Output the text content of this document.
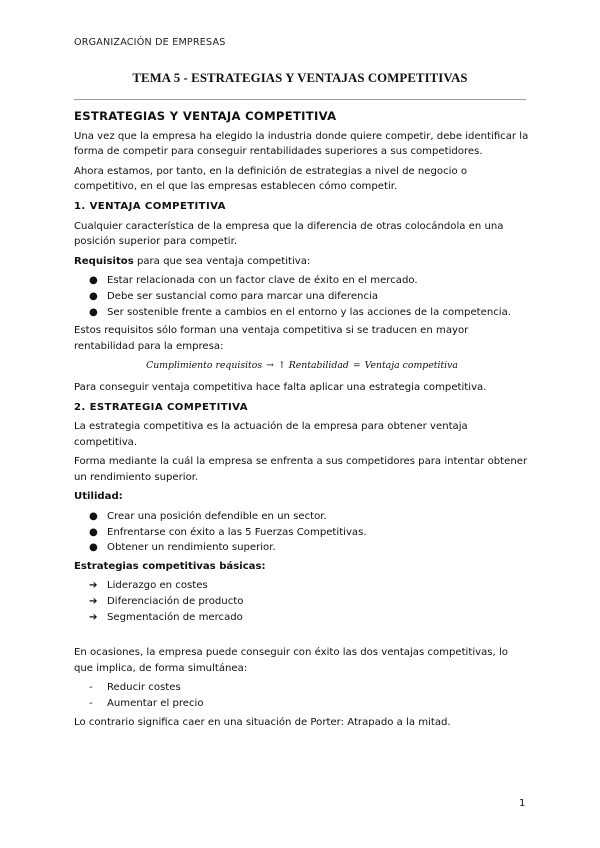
ORGANIZACIÓN DE EMPRESAS
TEMA 5 - ESTRATEGIAS Y VENTAJAS COMPETITIVAS

ESTRATEGIAS Y VENTAJA COMPETITIVA

Una vez que la empresa ha elegido la industria donde quiere competir, debe identificar la forma de competir para conseguir rentabilidades superiores a sus competidores.

Ahora estamos, por tanto, en la definición de estrategias a nivel de negocio o competitivo, en el que las empresas establecen cómo competir.

1. VENTAJA COMPETITIVA

Cualquier característica de la empresa que la diferencia de otras colocándola en una posición superior para competir.

Requisitos para que sea ventaja competitiva:

● Estar relacionada con un factor clave de éxito en el mercado.
● Debe ser sustancial como para marcar una diferencia
● Ser sostenible frente a cambios en el entorno y las acciones de la competencia.

Estos requisitos sólo forman una ventaja competitiva si se traducen en mayor rentabilidad para la empresa:

Cumplimiento requisitos → ↑ Rentabilidad = Ventaja competitiva

Para conseguir ventaja competitiva hace falta aplicar una estrategia competitiva.

2. ESTRATEGIA COMPETITIVA

La estrategia competitiva es la actuación de la empresa para obtener ventaja competitiva.

Forma mediante la cuál la empresa se enfrenta a sus competidores para intentar obtener un rendimiento superior.

Utilidad:

● Crear una posición defendible en un sector.
● Enfrentarse con éxito a las 5 Fuerzas Competitivas.
● Obtener un rendimiento superior.

Estrategias competitivas básicas:

➔ Liderazgo en costes
➔ Diferenciación de producto
➔ Segmentación de mercado

En ocasiones, la empresa puede conseguir con éxito las dos ventajas competitivas, lo que implica, de forma simultánea:

- Reducir costes
- Aumentar el precio

Lo contrario significa caer en una situación de Porter: Atrapado a la mitad.

1
